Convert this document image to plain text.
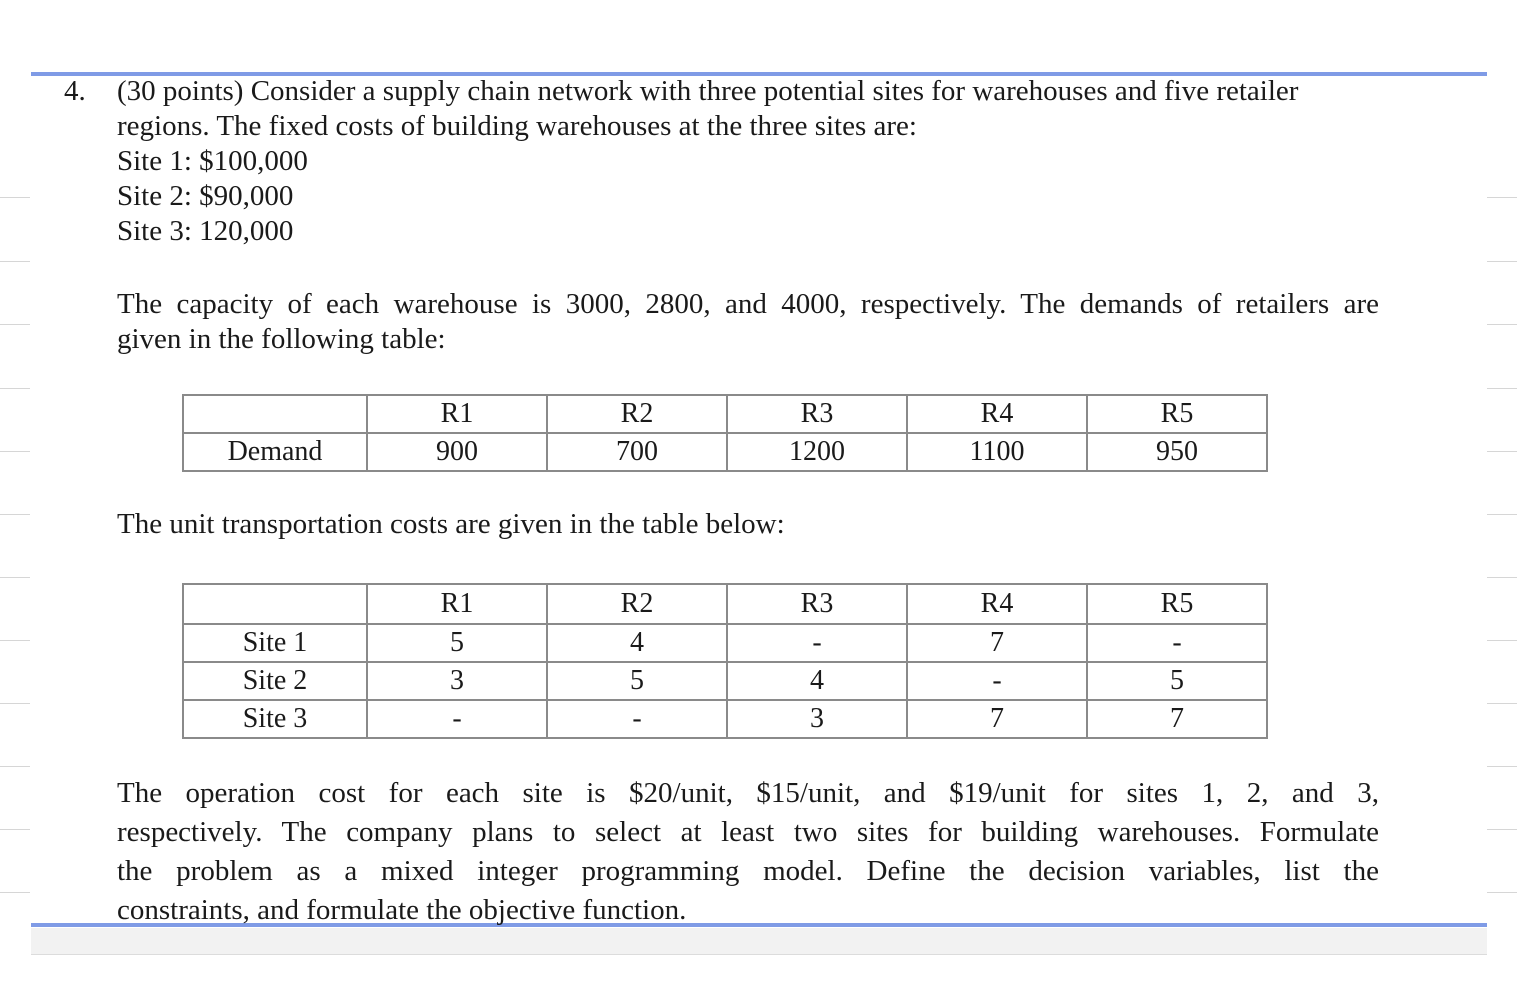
4. (30 points) Consider a supply chain network with three potential sites for warehouses and five retailer

regions. The fixed costs of building warehouses at the three sites are:

Site 1: $100,000

Site 2: $90,000

Site 3: 120,000

The capacity of each warehouse is 3000, 2800, and 4000, respectively. The demands of retailers are
given in the following table:
	R1	R2	R3	R4	R5
Demand	900	700	1200	1100	950
The unit transportation costs are given in the table below:
	R1	R2	R3	R4	R5
Site 1	5	4	-	7	-
Site 2	3	5	4	-	5
Site 3	-	-	3	7	7
The operation cost for each site is $20/unit, $15/unit, and $19/unit for sites 1, 2, and 3,
respectively. The company plans to select at least two sites for building warehouses. Formulate
the problem as a mixed integer programming model. Define the decision variables, list the
constraints, and formulate the objective function.
